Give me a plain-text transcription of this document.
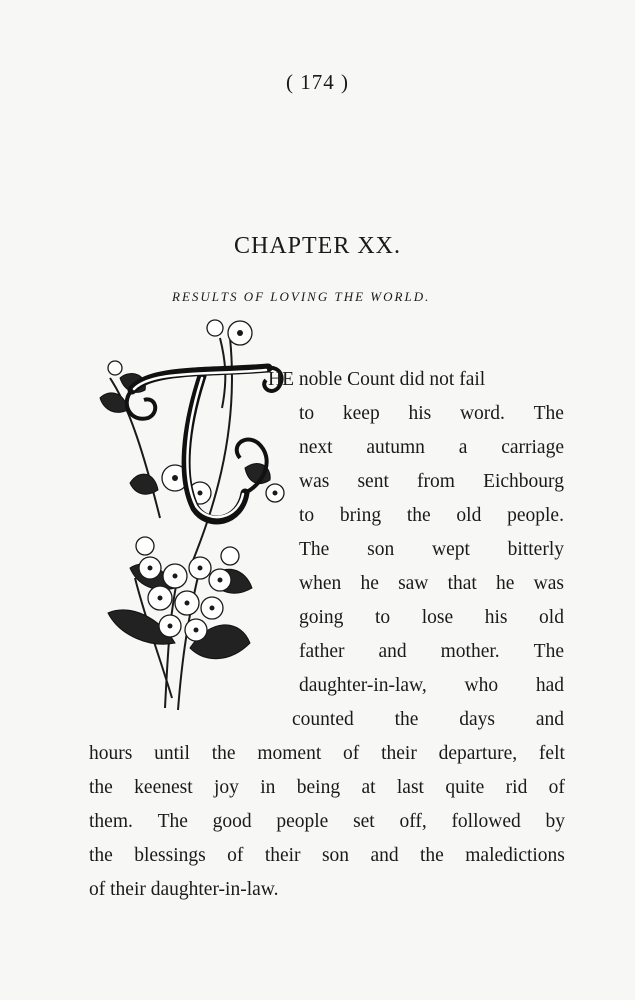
( 174 )
CHAPTER XX.
RESULTS OF LOVING THE WORLD.
HE noble Count did not fail
to keep his word. The
next autumn a carriage
was sent from Eichbourg
to bring the old people.
The son wept bitterly
when he saw that he was
going to lose his old
father and mother. The
daughter-in-law, who had
counted the days and
hours until the moment of their departure, felt
the keenest joy in being at last quite rid of
them. The good people set off, followed by
the blessings of their son and the maledictions
of their daughter-in-law.
